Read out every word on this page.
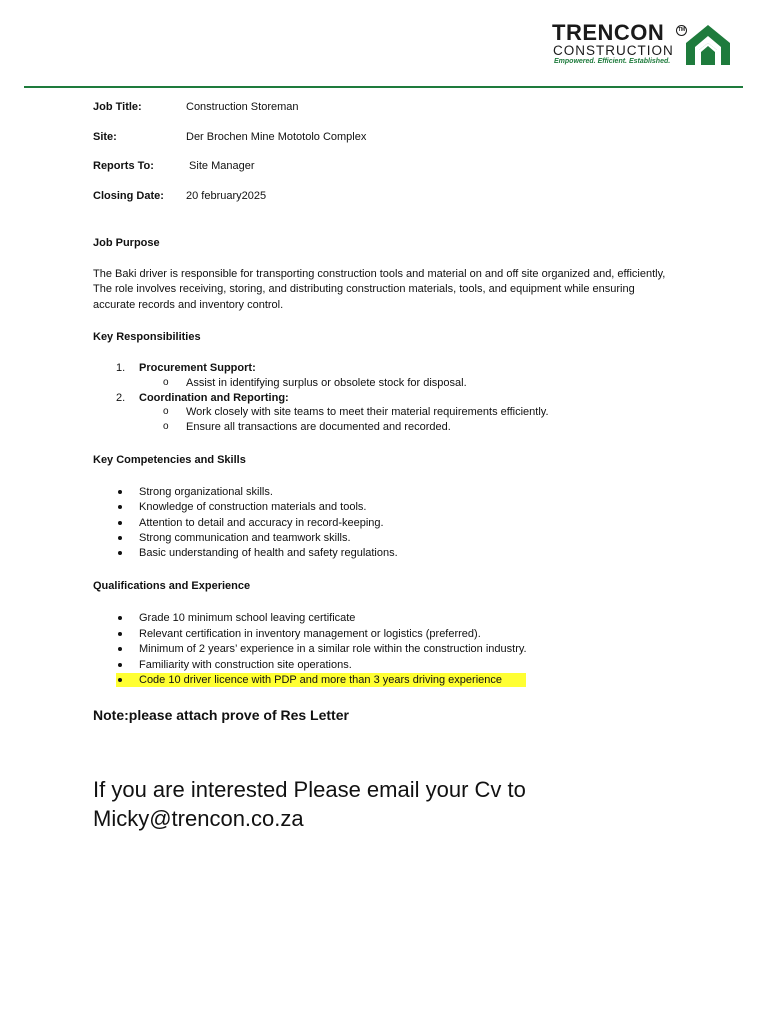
TRENCON	TM
CONSTRUCTION
Empowered. Efficient. Established.
Job Title:	Construction Storeman
Site:	Der Brochen Mine Mototolo Complex
Reports To:	Site Manager
Closing Date: 20 february2025
Job Purpose
The Baki driver is responsible for transporting construction tools and material on and off site organized and, efficiently, The role involves receiving, storing, and distributing construction materials, tools, and equipment while ensuring accurate records and inventory control.
Key Responsibilities
1. Procurement Support:
o Assist in identifying surplus or obsolete stock for disposal.
2. Coordination and Reporting:
o Work closely with site teams to meet their material requirements efficiently.
o Ensure all transactions are documented and recorded.
Key Competencies and Skills
Strong organizational skills.
Knowledge of construction materials and tools.
Attention to detail and accuracy in record-keeping.
Strong communication and teamwork skills.
Basic understanding of health and safety regulations.
Qualifications and Experience
Grade 10 minimum school leaving certificate
Relevant certification in inventory management or logistics (preferred).
Minimum of 2 years’ experience in a similar role within the construction industry.
Familiarity with construction site operations.
Code 10 driver licence with PDP and more than 3 years driving experience
Note:please attach prove of Res Letter
If you are interested Please email your Cv to
Micky@trencon.co.za
